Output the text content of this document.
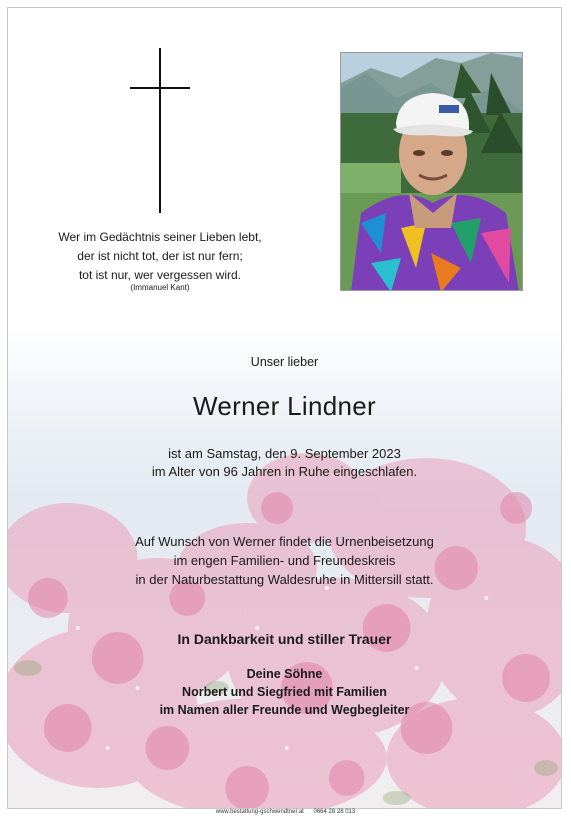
Wer im Gedächtnis seiner Lieben lebt,
der ist nicht tot, der ist nur fern;
tot ist nur, wer vergessen wird.
(Immanuel Kant)
Unser lieber
Werner Lindner
ist am Samstag, den 9. September 2023
im Alter von 96 Jahren in Ruhe eingeschlafen.
Auf Wunsch von Werner findet die Urnenbeisetzung
im engen Familien- und Freundeskreis
in der Naturbestattung Waldesruhe in Mittersill statt.
In Dankbarkeit und stiller Trauer
Deine Söhne
Norbert und Siegfried mit Familien
im Namen aller Freunde und Wegbegleiter
www.bestattung-gschwendtner.at 0664 28 28 013
